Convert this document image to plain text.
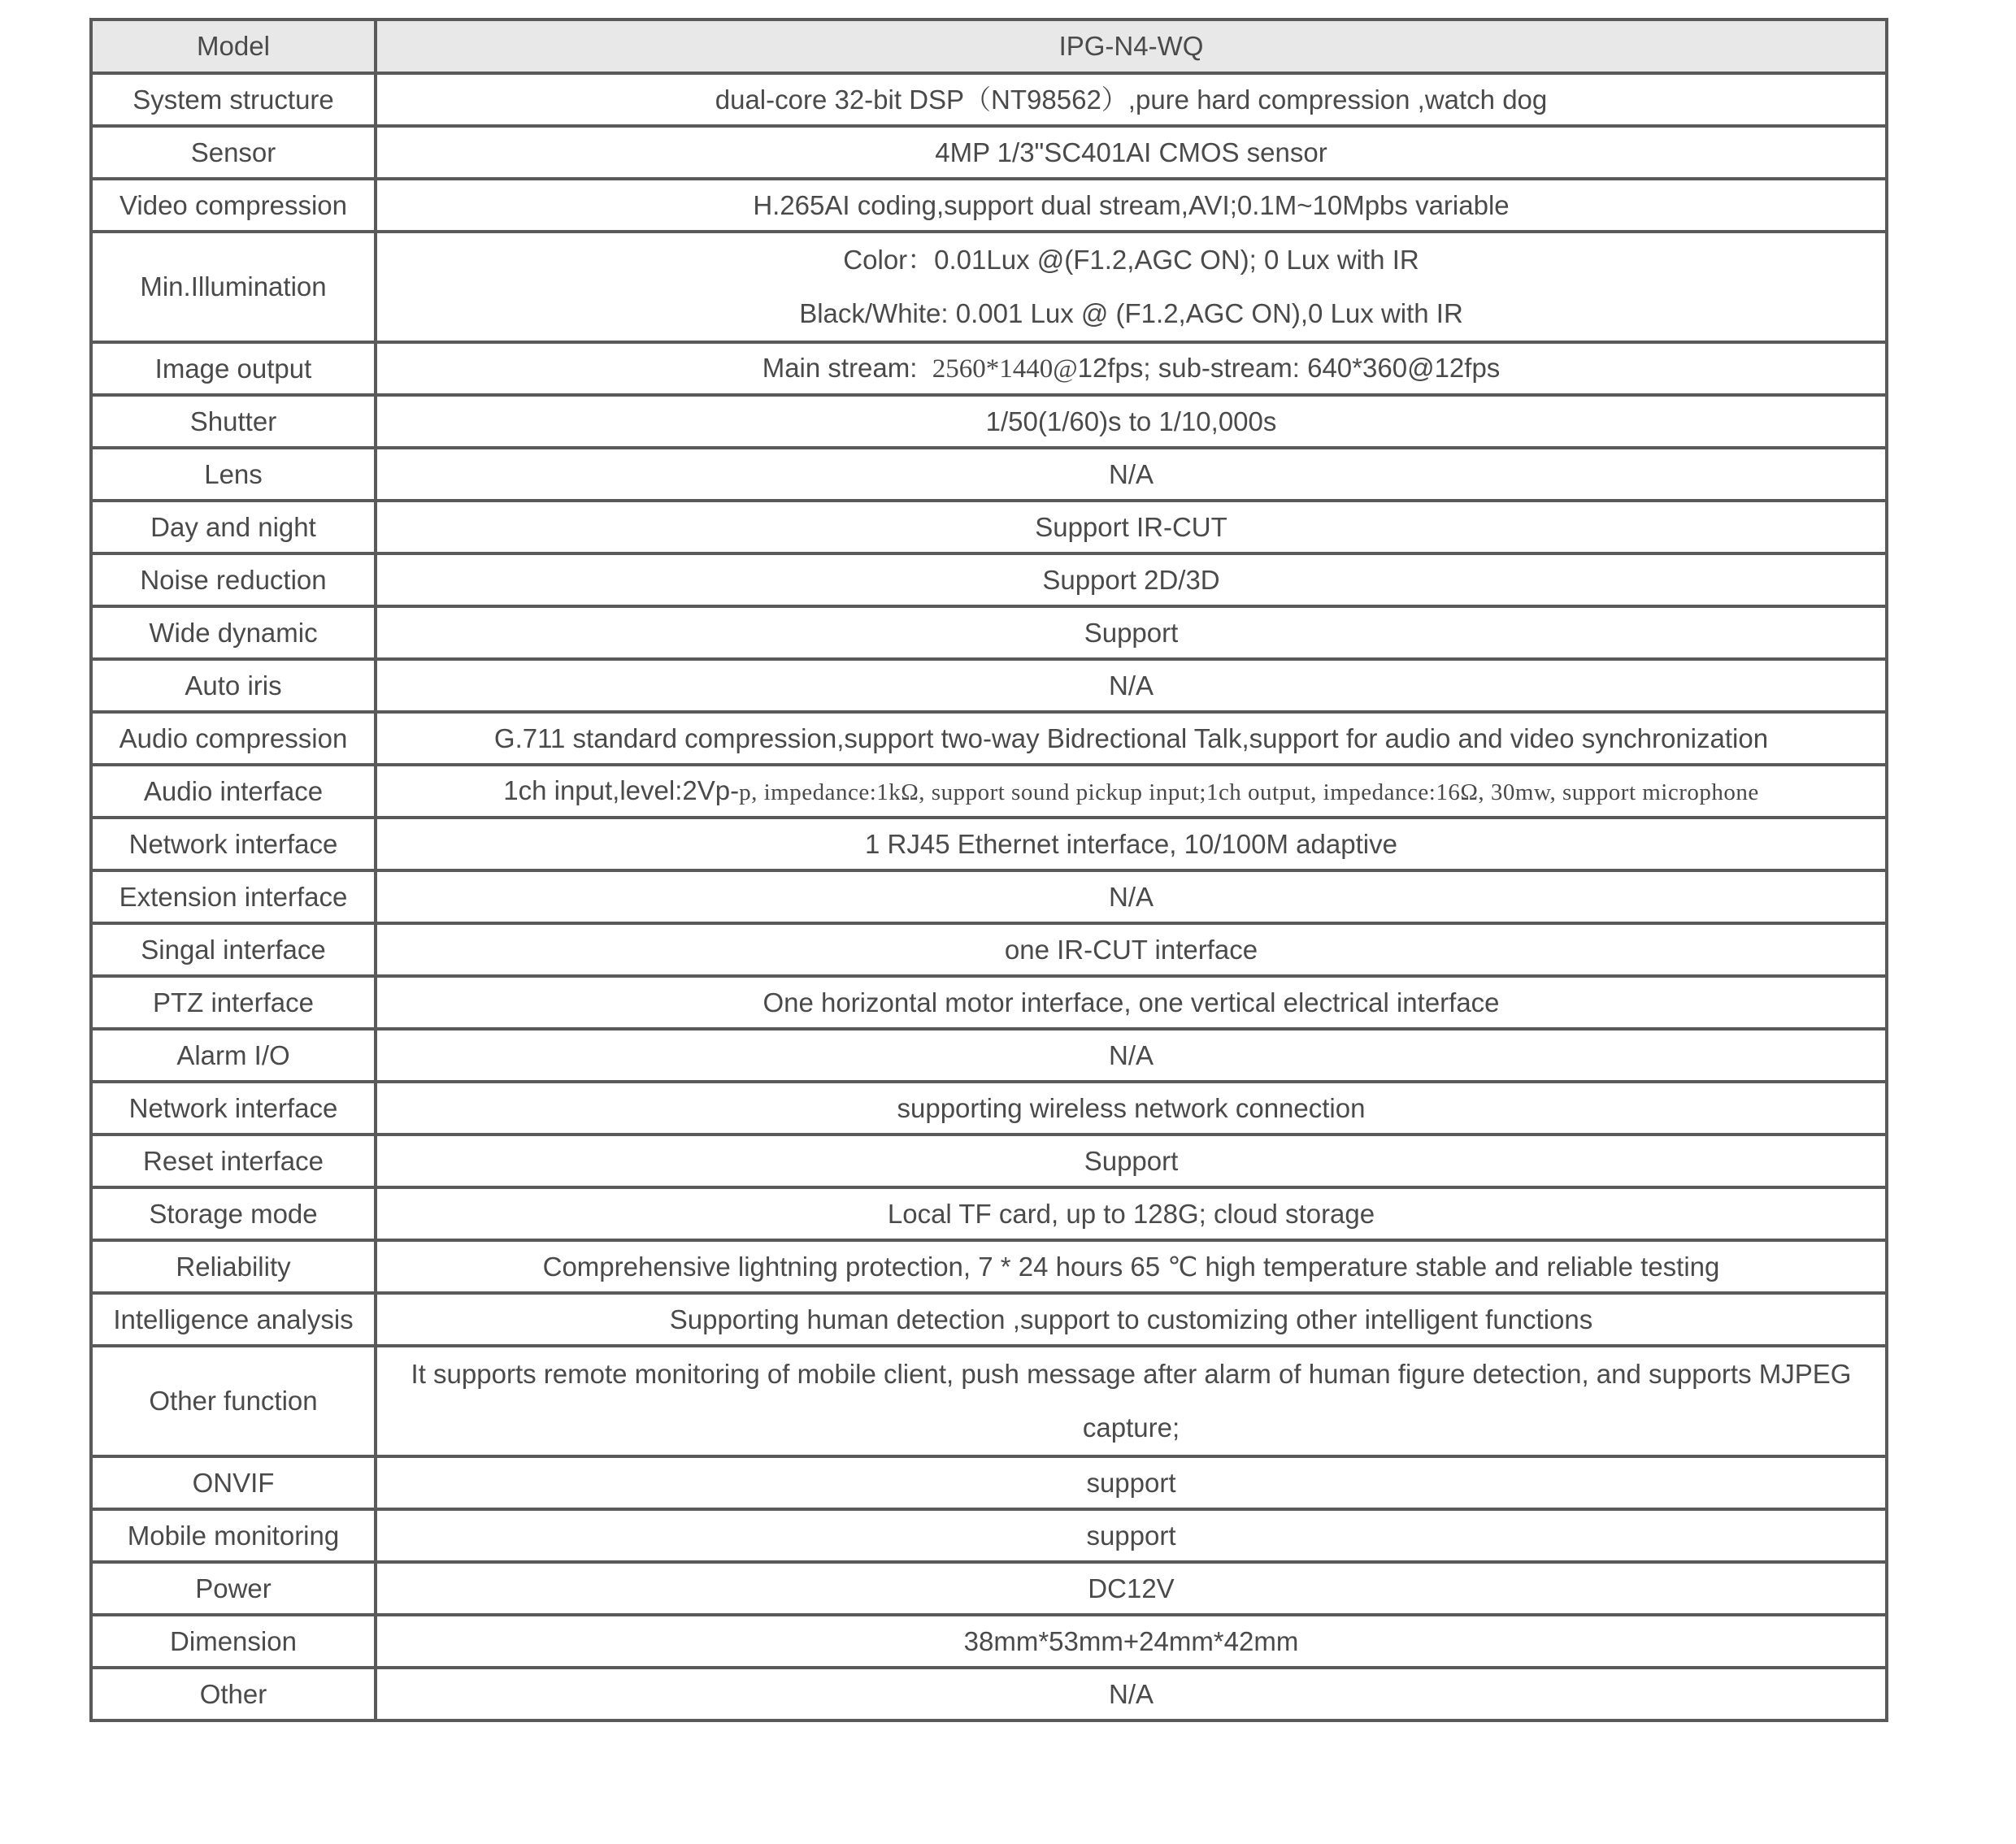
Model	IPG-N4-WQ
System structure	dual-core 32-bit DSP（NT98562）,pure hard compression ,watch dog
Sensor	4MP 1/3"SC401AI CMOS sensor
Video compression	H.265AI coding,support dual stream,AVI;0.1M~10Mpbs variable
Min.Illumination	Color：0.01Lux @(F1.2,AGC ON); 0 Lux with IR
Black/White: 0.001 Lux @ (F1.2,AGC ON),0 Lux with IR

Image output	Main stream:  2560*1440@12fps; sub-stream: 640*360@12fps
Shutter	1/50(1/60)s to 1/10,000s
Lens	N/A
Day and night	Support IR-CUT
Noise reduction	Support 2D/3D
Wide dynamic	Support
Auto iris	N/A
Audio compression	G.711 standard compression,support two-way Bidrectional Talk,support for audio and video synchronization
Audio interface	1ch input,level:2Vp-p, impedance:1kΩ, support sound pickup input;1ch output, impedance:16Ω, 30mw, support microphone
Network interface	1 RJ45 Ethernet interface, 10/100M adaptive
Extension interface	N/A
Singal interface	one IR-CUT interface
PTZ interface	One horizontal motor interface, one vertical electrical interface
Alarm I/O	N/A
Network interface	supporting wireless network connection
Reset interface	Support
Storage mode	Local TF card, up to 128G; cloud storage
Reliability	Comprehensive lightning protection, 7 * 24 hours 65 ℃ high temperature stable and reliable testing
Intelligence analysis	Supporting human detection ,support to customizing other intelligent functions
Other function	It supports remote monitoring of mobile client, push message after alarm of human figure detection, and supports MJPEG capture;
ONVIF	support
Mobile monitoring	support
Power	DC12V
Dimension	38mm*53mm+24mm*42mm
Other	N/A
